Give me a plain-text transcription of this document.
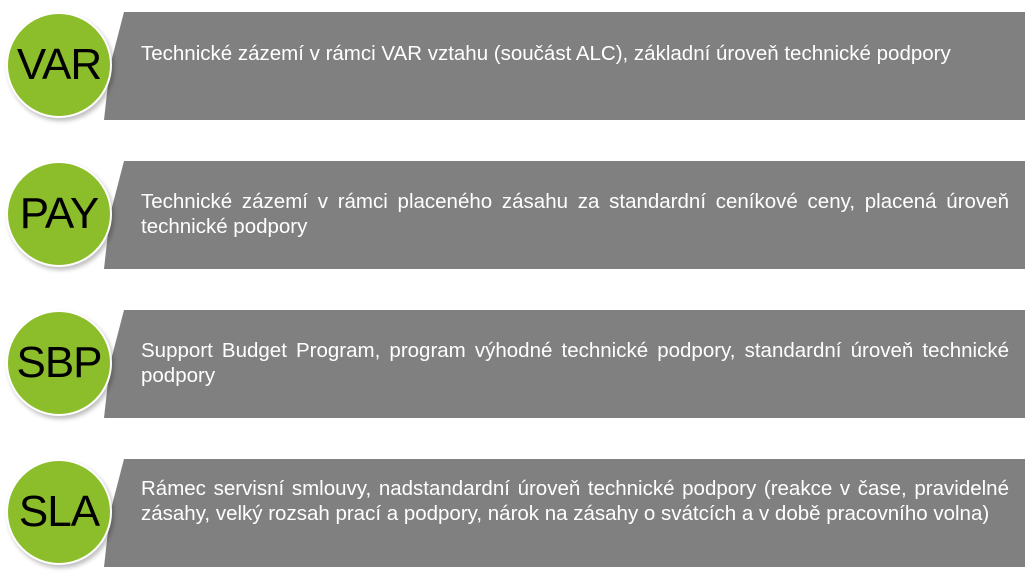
Technické zázemí v rámci VAR vztahu (součást ALC), základní úroveň technické podpory
VAR
Technické zázemí v rámci placeného zásahu za standardní ceníkové ceny, placená úroveň technické podpory
PAY
Support Budget Program, program výhodné technické podpory, standardní úroveň technické podpory
SBP
Rámec servisní smlouvy, nadstandardní úroveň technické podpory (reakce v čase, pravidelné zásahy, velký rozsah prací a podpory, nárok na zásahy o svátcích a v době pracovního volna)
SLA
